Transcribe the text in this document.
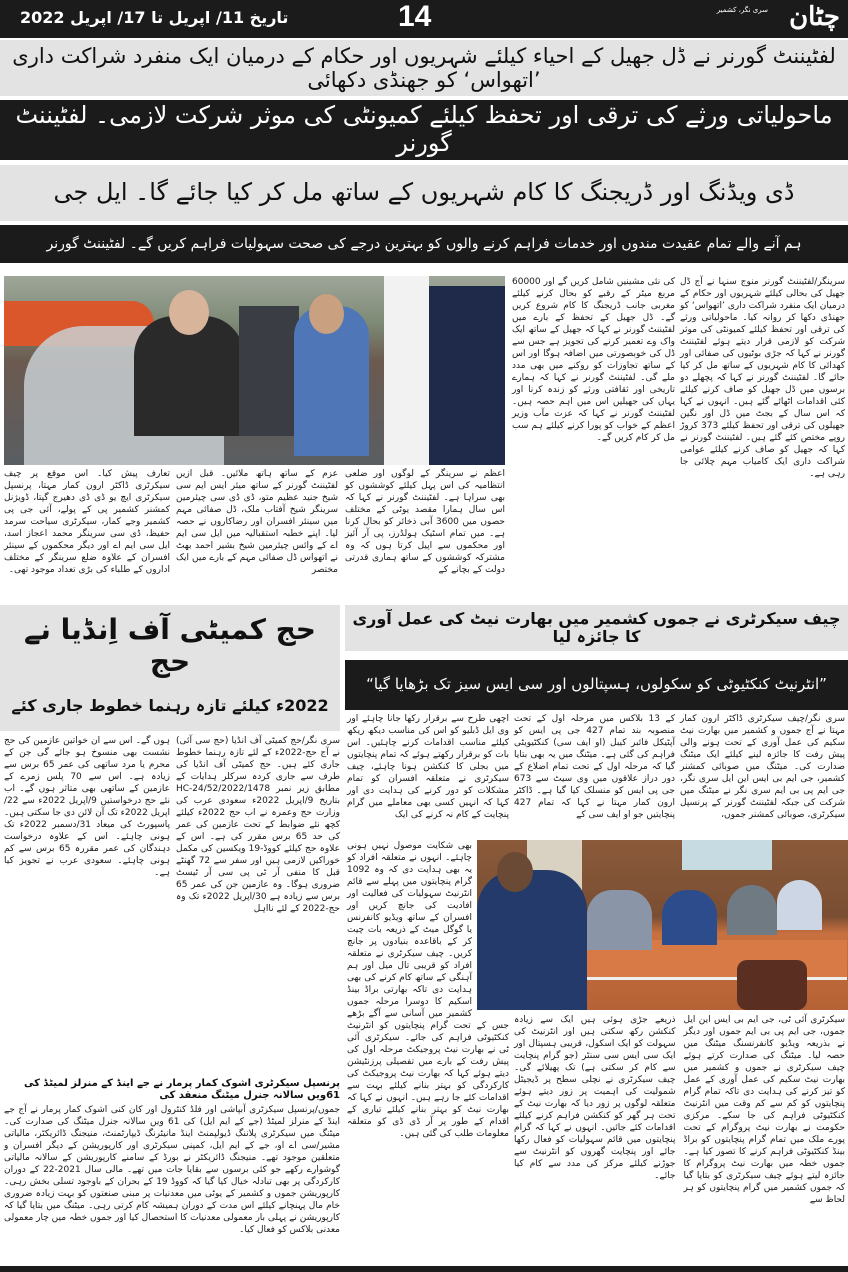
تاریخ 11/ اپریل تا 17/ اپریل 2022	14	سری نگر، کشمیر چٹان
لفٹیننٹ گورنر نے ڈل جھیل کے احیاء کیلئے شہریوں اور حکام کے درمیان ایک منفرد شراکت داری ’اتھواس‘ کو جھنڈی دکھائی
ماحولیاتی ورثے کی ترقی اور تحفظ کیلئے کمیونٹی کی موثر شرکت لازمی۔ لفٹیننٹ گورنر
ڈی ویڈنگ اور ڈریجنگ کا کام شہریوں کے ساتھ مل کر کیا جائے گا۔ ایل جی
ہم آنے والے تمام عقیدت مندوں اور خدمات فراہم کرنے والوں کو بہترین درجے کی صحت سہولیات فراہم کریں گے۔ لفٹیننٹ گورنر

سرینگر/لفٹیننٹ گورنر منوج سنہا نے آج ڈل جھیل کی بحالی کیلئے شہریوں اور حکام کے درمیان ایک منفرد شراکت داری ’اتھواس‘ کو جھنڈی دکھا کر روانہ کیا۔ ماحولیاتی ورثے کی ترقی اور تحفظ کیلئے کمیونٹی کی موثر شرکت کو لازمی قرار دیتے ہوئے لفٹیننٹ گورنر نے کہا کہ جڑی بوٹیوں کی صفائی اور کھدائی کا کام شہریوں کے ساتھ مل کر کیا جائے گا۔ لفٹیننٹ گورنر نے کہا کہ پچھلے دو برسوں میں ڈل جھیل کو صاف کرنے کیلئے کئی اقدامات اٹھائے گئے ہیں۔ انہوں نے کہا کہ اس سال کے بجٹ میں ڈل اور نگین جھیلوں کی ترقی اور تحفظ کیلئے 373 کروڑ روپے مختص کئے گئے ہیں۔ لفٹیننٹ گورنر نے کہا کہ جھیل کو صاف کرنے کیلئے عوامی شراکت داری ایک کامیاب مہم چلائی جا رہی ہے۔

کی نئی مشینیں شامل کریں گے اور 60000 مربع میٹر کے رقبے کو بحال کرنے کیلئے مغربی جانب ڈریجنگ کا کام شروع کریں گے۔ ڈل جھیل کے تحفظ کے بارے میں لفٹیننٹ گورنر نے کہا کہ جھیل کے ساتھ ایک واک وے تعمیر کرنے کی تجویز ہے جس سے ڈل کی خوبصورتی میں اضافہ ہوگا اور اس کے ساتھ تجاوزات کو روکنے میں بھی مدد ملے گی۔ لفٹیننٹ گورنر نے کہا کہ ہمارے تاریخی اور ثقافتی ورثے کو زندہ کرنا اور یہاں کی جھیلیں اس میں اہم حصہ ہیں۔ لفٹیننٹ گورنر نے کہا کہ عزت مآب وزیر اعظم کے خواب کو پورا کرنے کیلئے ہم سب مل کر کام کریں گے۔

اعظم نے سرینگر کے لوگوں اور ضلعی انتظامیہ کی اس پہل کیلئے کوششوں کو بھی سراہا ہے۔ لفٹیننٹ گورنر نے کہا کہ اس سال ہمارا مقصد یوٹی کے مختلف حصوں میں 3600 آبی ذخائر کو بحال کرنا ہے۔ میں تمام اسٹیک ہولڈرز، پی آر آئیز اور محکموں سے اپیل کرتا ہوں کہ وہ مشترکہ کوششوں کے ساتھ ہماری قدرتی دولت کے بچانے کے

عزم کے ساتھ ہاتھ ملائیں۔ قبل ازیں لفٹیننٹ گورنر کے ساتھ میئر ایس ایم سی شیخ جنید عظیم متو، ڈی ڈی سی چیئرمین سرینگر شیخ آفتاب ملک، ڈل صفائی مہم میں سینئر افسران اور رضاکاروں نے حصہ لیا۔ اپنے خطبہ استقبالیہ میں ایل سی ایم اے کے وائس چیئرمین شیخ بشیر احمد بھٹ نے اتھواس ڈل صفائی مہم کے بارے میں ایک مختصر

تعارف پیش کیا۔ اس موقع پر چیف سیکرٹری ڈاکٹر ارون کمار مہتا، پرنسپل سیکرٹری ایچ یو ڈی ڈی دھیرج گپتا، ڈویژنل کمشنر کشمیر پی کے پولے، آئی جی پی کشمیر وجے کمار، سیکرٹری سیاحت سرمد حفیظ، ڈی سی سرینگر محمد اعجاز اسد، ایل سی ایم اے اور دیگر محکموں کے سینئر افسران کے علاوہ ضلع سرینگر کے مختلف اداروں کے طلباء کی بڑی تعداد موجود تھی۔

حج کمیٹی آف اِنڈیا نے حج
2022ء کیلئے تازہ رہنما خطوط جاری کئے

سری نگر/حج کمیٹی آف انڈیا (حج سی آئی) نے آج حج-2022ء کے لئے تازہ رہنما خطوط جاری کئے ہیں۔ حج کمیٹی آف انڈیا کی طرف سے جاری کردہ سرکلر ہدایات کے مطابق زیر نمبر HC-24/52/2022/1478 بتاریخ 9/اپریل 2022ء سعودی عرب کی وزارت حج وعمرہ نے اب حج 2022ء کیلئے کچھ نئے ضوابط کے تحت عازمین کی عمر کی حد 65 برس مقرر کی ہے۔ اس کے علاوہ حج کیلئے کووڈ-19 ویکسین کی مکمل خوراکیں لازمی ہیں اور سفر سے 72 گھنٹے قبل کا منفی آر ٹی پی سی آر ٹیسٹ ضروری ہوگا۔ وہ عازمین جن کی عمر 65 برس سے زیادہ ہے 30/اپریل 2022ء تک وہ حج-2022 کے لئے نااہل

ہوں گے۔ اس سے ان خواتین عازمین کی حج نشست بھی منسوخ ہو جائے گی جن کے محرم یا مرد ساتھی کی عمر 65 برس سے زیادہ ہے۔ اس سے 70 پلس زمرے کے عازمین کے ساتھی بھی متاثر ہوں گے۔ اب نئے حج درخواستیں 9/اپریل 2022ء سے 22/اپریل 2022ء تک آن لائن دی جا سکتی ہیں۔ پاسپورٹ کی میعاد 31/دسمبر 2022ء تک ہونی چاہئے۔ اس کے علاوہ درخواست دہندگان کی عمر مقررہ 65 برس سے کم ہونی چاہئے۔ سعودی عرب نے تجویز کیا ہے۔

پرنسپل سیکرٹری اشوک کمار پرمار نے جے اینڈ کے منرلز لمیٹڈ کی 61ویں سالانہ جنرل میٹنگ منعقد کی

جموں/پرنسپل سیکرٹری آبپاشی اور فلڈ کنٹرول اور کان کنی اشوک کمار پرمار نے آج جے اینڈ کے منرلز لمیٹڈ (جے کے ایم ایل) کی 61 ویں سالانہ جنرل میٹنگ کی صدارت کی۔ میٹنگ میں سیکرٹری پلاننگ ڈیولپمنٹ اینڈ مانیٹرنگ ڈیپارٹمنٹ، منیجنگ ڈائریکٹر، مالیاتی مشیر/سی اے او، جے کے ایم ایل، کمپنی سیکرٹری اور کارپوریشن کے دیگر افسران و متعلقین موجود تھے۔ منیجنگ ڈائریکٹر نے بورڈ کے سامنے کارپوریشن کے سالانہ مالیاتی گوشوارے رکھے جو کئی برسوں سے بقایا جات میں تھے۔ مالی سال 2021-22 کے دوران کارکردگی پر بھی تبادلہ خیال کیا گیا کہ کووڈ 19 کے بحران کے باوجود تسلی بخش رہی۔ کارپوریشن جموں و کشمیر کے یوٹی میں معدنیات پر مبنی صنعتوں کو بہت زیادہ ضروری خام مال پہنچانے کیلئے اس مدت کے دوران ہمیشہ کام کرتی رہی۔ میٹنگ میں بتایا گیا کہ کارپوریشن نے پہلی بار معمولی معدنیات کا استحصال کیا اور جموں خطہ میں چار معمولی معدنی بلاکس کو فعال کیا۔

چیف سیکرٹری نے جموں کشمیر میں بھارت نیٹ کی عمل آوری کا جائزہ لیا
”انٹرنیٹ کنکٹیوٹی کو سکولوں، ہسپتالوں اور سی ایس سیز تک بڑھایا گیا“

سری نگر/چیف سیکرٹری ڈاکٹر ارون کمار مہتا نے آج جموں و کشمیر میں بھارت نیٹ سکیم کی عمل آوری کے تحت ہونے والی پیش رفت کا جائزہ لینے کیلئے ایک میٹنگ صدارت کی۔ میٹنگ میں صوبائی کمشنر کشمیر، جی ایم بی ایس این ایل سری نگر، جی ایم پی بی ایم سری نگر نے میٹنگ میں شرکت کی جبکہ لفٹیننٹ گورنر کے پرنسپل سیکرٹری، صوبائی کمشنر جموں،

کے 13 بلاکس میں مرحلہ اول کے تحت منصوبہ بند تمام 427 جی پی ایس کو آپٹیکل فائبر کیبل (او ایف سی) کنکٹیویٹی فراہم کی گئی ہے۔ میٹنگ میں یہ بھی بتایا گیا کہ مرحلہ اول کے تحت تمام اضلاع کے دور دراز علاقوں میں وی سیٹ سے 673 جی پی ایس کو منسلک کیا گیا ہے۔ ڈاکٹر ارون کمار مہتا نے کہا کہ تمام 427 پنچایتیں جو او ایف سی کے

اچھی طرح سے برقرار رکھا جانا چاہئے اور وی ایل ڈبلیو کو اس کی مناسب دیکھ ریکھ کیلئے مناسب اقدامات کرنے چاہئیں۔ اس بات کو برقرار رکھتے ہوئے کہ تمام پنچایتوں میں بجلی کا کنکشن ہونا چاہئے، چیف سیکرٹری نے متعلقہ افسران کو تمام مشکلات کو دور کرنے کی ہدایت دی اور کہا کہ انہیں کسی بھی معاملے میں گرام پنچایت کے کام نہ کرنے کی ایک

بھی شکایت موصول نہیں ہونی چاہئے۔ انہوں نے متعلقہ افراد کو یہ بھی ہدایت دی کہ وہ 1092 گرام پنچایتوں میں پہلے سے قائم انٹرنیٹ سہولیات کی فعالیت اور افادیت کی جانچ کریں اور افسران کے ساتھ ویڈیو کانفرنس یا گوگل میٹ کے ذریعہ بات چیت کر کے باقاعدہ بنیادوں پر جانچ کریں۔ چیف سیکرٹری نے متعلقہ افراد کو قریبی تال میل اور ہم آہنگی کے ساتھ کام کرنے کی بھی ہدایت دی تاکہ بھارتی براڈ بینڈ اسکیم کا دوسرا مرحلہ جموں کشمیر میں آسانی سے آگے بڑھے جس کے تحت گرام پنچایتوں کو انٹرنیٹ کنکٹیوٹی فراہم کی جائے۔ سیکرٹری آئی ٹی نے بھارت نیٹ پروجیکٹ مرحلہ اول کی پیش رفت کے بارے میں تفصیلی پرزنٹیشن دیتے ہوئے کہا کہ بھارت نیٹ پروجیکٹ کی کارکردگی کو بہتر بنانے کیلئے بہت سے اقدامات کئے جا رہے ہیں۔ انہوں نے کہا کہ بھارت نیٹ کو بہتر بنانے کیلئے تیاری کے اقدام کے طور پر آر ڈی ڈی کو متعلقہ معلومات طلب کی گئی ہیں۔

سیکرٹری آئی ٹی، جی ایم بی ایس این ایل جموں، جی ایم پی بی ایم جموں اور دیگر نے بذریعہ ویڈیو کانفرنسنگ میٹنگ میں حصہ لیا۔ میٹنگ کی صدارت کرتے ہوئے چیف سیکرٹری نے جموں و کشمیر میں بھارت نیٹ سکیم کی عمل آوری کے عمل کو تیز کرنے کی ہدایت دی تاکہ تمام گرام پنچایتوں کو کم سے کم وقت میں انٹرنیٹ کنکٹیوٹی فراہم کی جا سکے۔ مرکزی حکومت نے بھارت نیٹ پروگرام کے تحت پورے ملک میں تمام گرام پنچایتوں کو براڈ بینڈ کنکٹیوٹی فراہم کرنے کا تصور کیا ہے۔ جموں خطہ میں بھارت نیٹ پروگرام کا جائزہ لیتے ہوئے چیف سیکرٹری کو بتایا گیا کہ جموں کشمیر میں گرام پنچایتوں کو ہر لحاظ سے

ذریعے جڑی ہوئی ہیں ایک سے زیادہ کنکشن رکھ سکتی ہیں اور انٹرنیٹ کی سہولت کو ایک اسکول، قریبی ہسپتال اور ایک سی ایس سی سنٹر (جو گرام پنچایت سے کام کر سکتی ہے) تک پھیلائے گی۔ چیف سیکرٹری نے نچلی سطح پر ڈیجیٹل شمولیت کی اہمیت پر زور دیتے ہوئے متعلقہ لوگوں پر زور دیا کہ بھارت نیٹ کے تحت ہر گھر کو کنکشن فراہم کرنے کیلئے اقدامات کئے جائیں۔ انہوں نے کہا کہ گرام پنچایتوں میں قائم سہولیات کو فعال رکھا جائے اور پنچایت گھروں کو انٹرنیٹ سے جوڑنے کیلئے مرکز کی مدد سے کام کیا جائے۔
